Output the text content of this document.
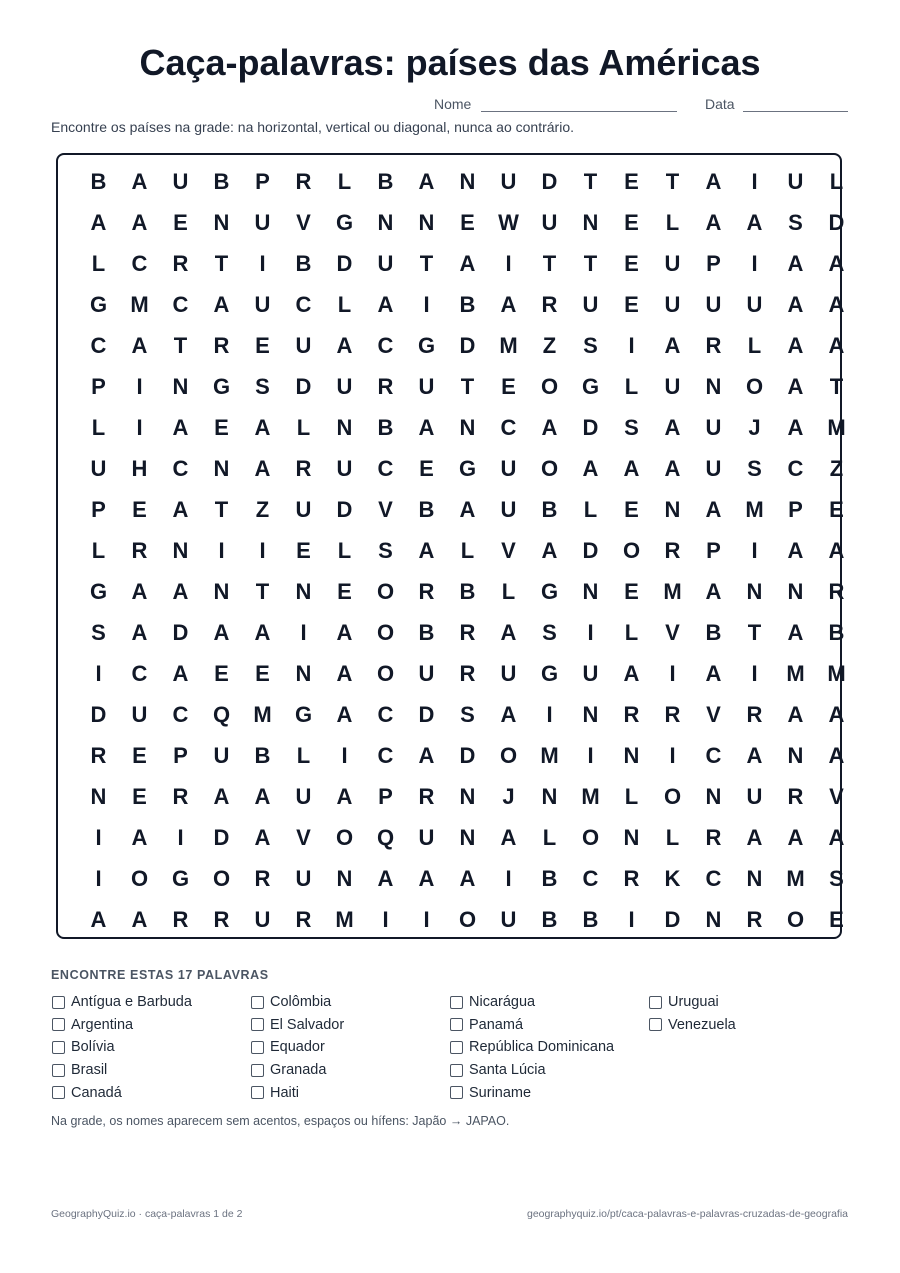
Caça-palavras: países das Américas
Nome	Data
Encontre os países na grade: na horizontal, vertical ou diagonal, nunca ao contrário.
B	A	U	B	P	R	L	B	A	N	U	D	T	E	T	A	I	U	L
A	A	E	N	U	V	G	N	N	E	W	U	N	E	L	A	A	S	D
L	C	R	T	I	B	D	U	T	A	I	T	T	E	U	P	I	A	A
G	M	C	A	U	C	L	A	I	B	A	R	U	E	U	U	U	A	A
C	A	T	R	E	U	A	C	G	D	M	Z	S	I	A	R	L	A	A
P	I	N	G	S	D	U	R	U	T	E	O	G	L	U	N	O	A	T
L	I	A	E	A	L	N	B	A	N	C	A	D	S	A	U	J	A	M
U	H	C	N	A	R	U	C	E	G	U	O	A	A	A	U	S	C	Z
P	E	A	T	Z	U	D	V	B	A	U	B	L	E	N	A	M	P	E
L	R	N	I	I	E	L	S	A	L	V	A	D	O	R	P	I	A	A
G	A	A	N	T	N	E	O	R	B	L	G	N	E	M	A	N	N	R
S	A	D	A	A	I	A	O	B	R	A	S	I	L	V	B	T	A	B
I	C	A	E	E	N	A	O	U	R	U	G	U	A	I	A	I	M	M
D	U	C	Q	M	G	A	C	D	S	A	I	N	R	R	V	R	A	A
R	E	P	U	B	L	I	C	A	D	O	M	I	N	I	C	A	N	A
N	E	R	A	A	U	A	P	R	N	J	N	M	L	O	N	U	R	V
I	A	I	D	A	V	O	Q	U	N	A	L	O	N	L	R	A	A	A
I	O	G	O	R	U	N	A	A	A	I	B	C	R	K	C	N	M	S
A	A	R	R	U	R	M	I	I	O	U	B	B	I	D	N	R	O	E
ENCONTRE ESTAS 17 PALAVRAS
Antígua e Barbuda
Argentina
Bolívia
Brasil
Canadá
Colômbia
El Salvador
Equador
Granada
Haiti
Nicarágua
Panamá
República Dominicana
Santa Lúcia
Suriname
Uruguai
Venezuela
Na grade, os nomes aparecem sem acentos, espaços ou hífens: Japão → JAPAO.
GeographyQuiz.io · caça-palavras 1 de 2	geographyquiz.io/pt/caca-palavras-e-palavras-cruzadas-de-geografia
